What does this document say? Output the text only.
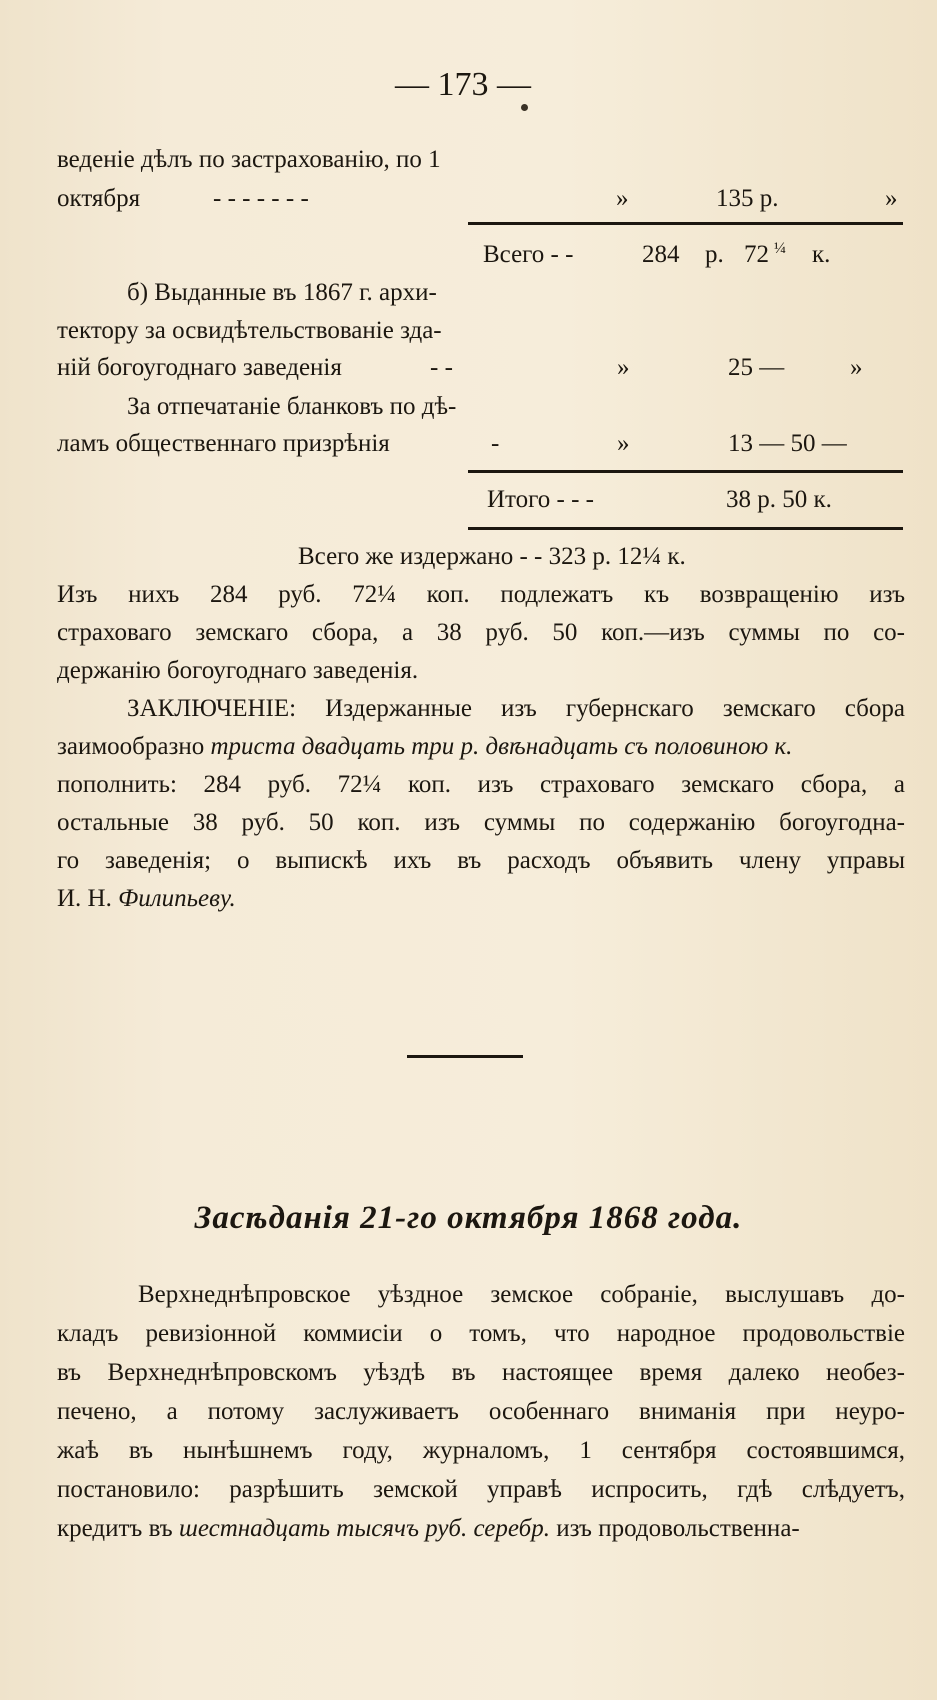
— 173 —
веденіе дѣлъ по застрахованію, по 1
октября	- - - - - - -	»	135 р.	»
Всего - -	284 р. 72 ¼ к.
б) Выданные въ 1867 г. архи-
тектору за освидѣтельствованіе зда-
ній богоугоднаго заведенія	- -	»	25 —	»
За отпечатаніе бланковъ по дѣ-
ламъ общественнаго призрѣнія	-	»	13 — 50 —
Итого - - -	38 р. 50 к.
Всего же издержано - - 323 р. 12¼ к.
Изъ нихъ 284 руб. 72¼ коп. подлежатъ къ возвращенію изъ
страховаго земскаго сбора, а 38 руб. 50 коп.—изъ суммы по со-
держанію богоугоднаго заведенія.
ЗАКЛЮЧЕНІЕ: Издержанные изъ губернскаго земскаго сбора
заимообразно триста двадцать три р. двѣнадцать съ половиною к.
пополнить: 284 руб. 72¼ коп. изъ страховаго земскаго сбора, а
остальные 38 руб. 50 коп. изъ суммы по содержанію богоугодна-
го заведенія; о выпискѣ ихъ въ расходъ объявить члену управы
И. Н. Филипьеву.
Засѣданія 21-го октября 1868 года.
Верхнеднѣпровское уѣздное земское собраніе, выслушавъ до-
кладъ ревизіонной коммисіи о томъ, что народное продовольствіе
въ Верхнеднѣпровскомъ уѣздѣ въ настоящее время далеко необез-
печено, а потому заслуживаетъ особеннаго вниманія при неуро-
жаѣ въ нынѣшнемъ году, журналомъ, 1 сентября состоявшимся,
постановило: разрѣшить земской управѣ испросить, гдѣ слѣдуетъ,
кредитъ въ шестнадцать тысячъ руб. серебр. изъ продовольственна-
